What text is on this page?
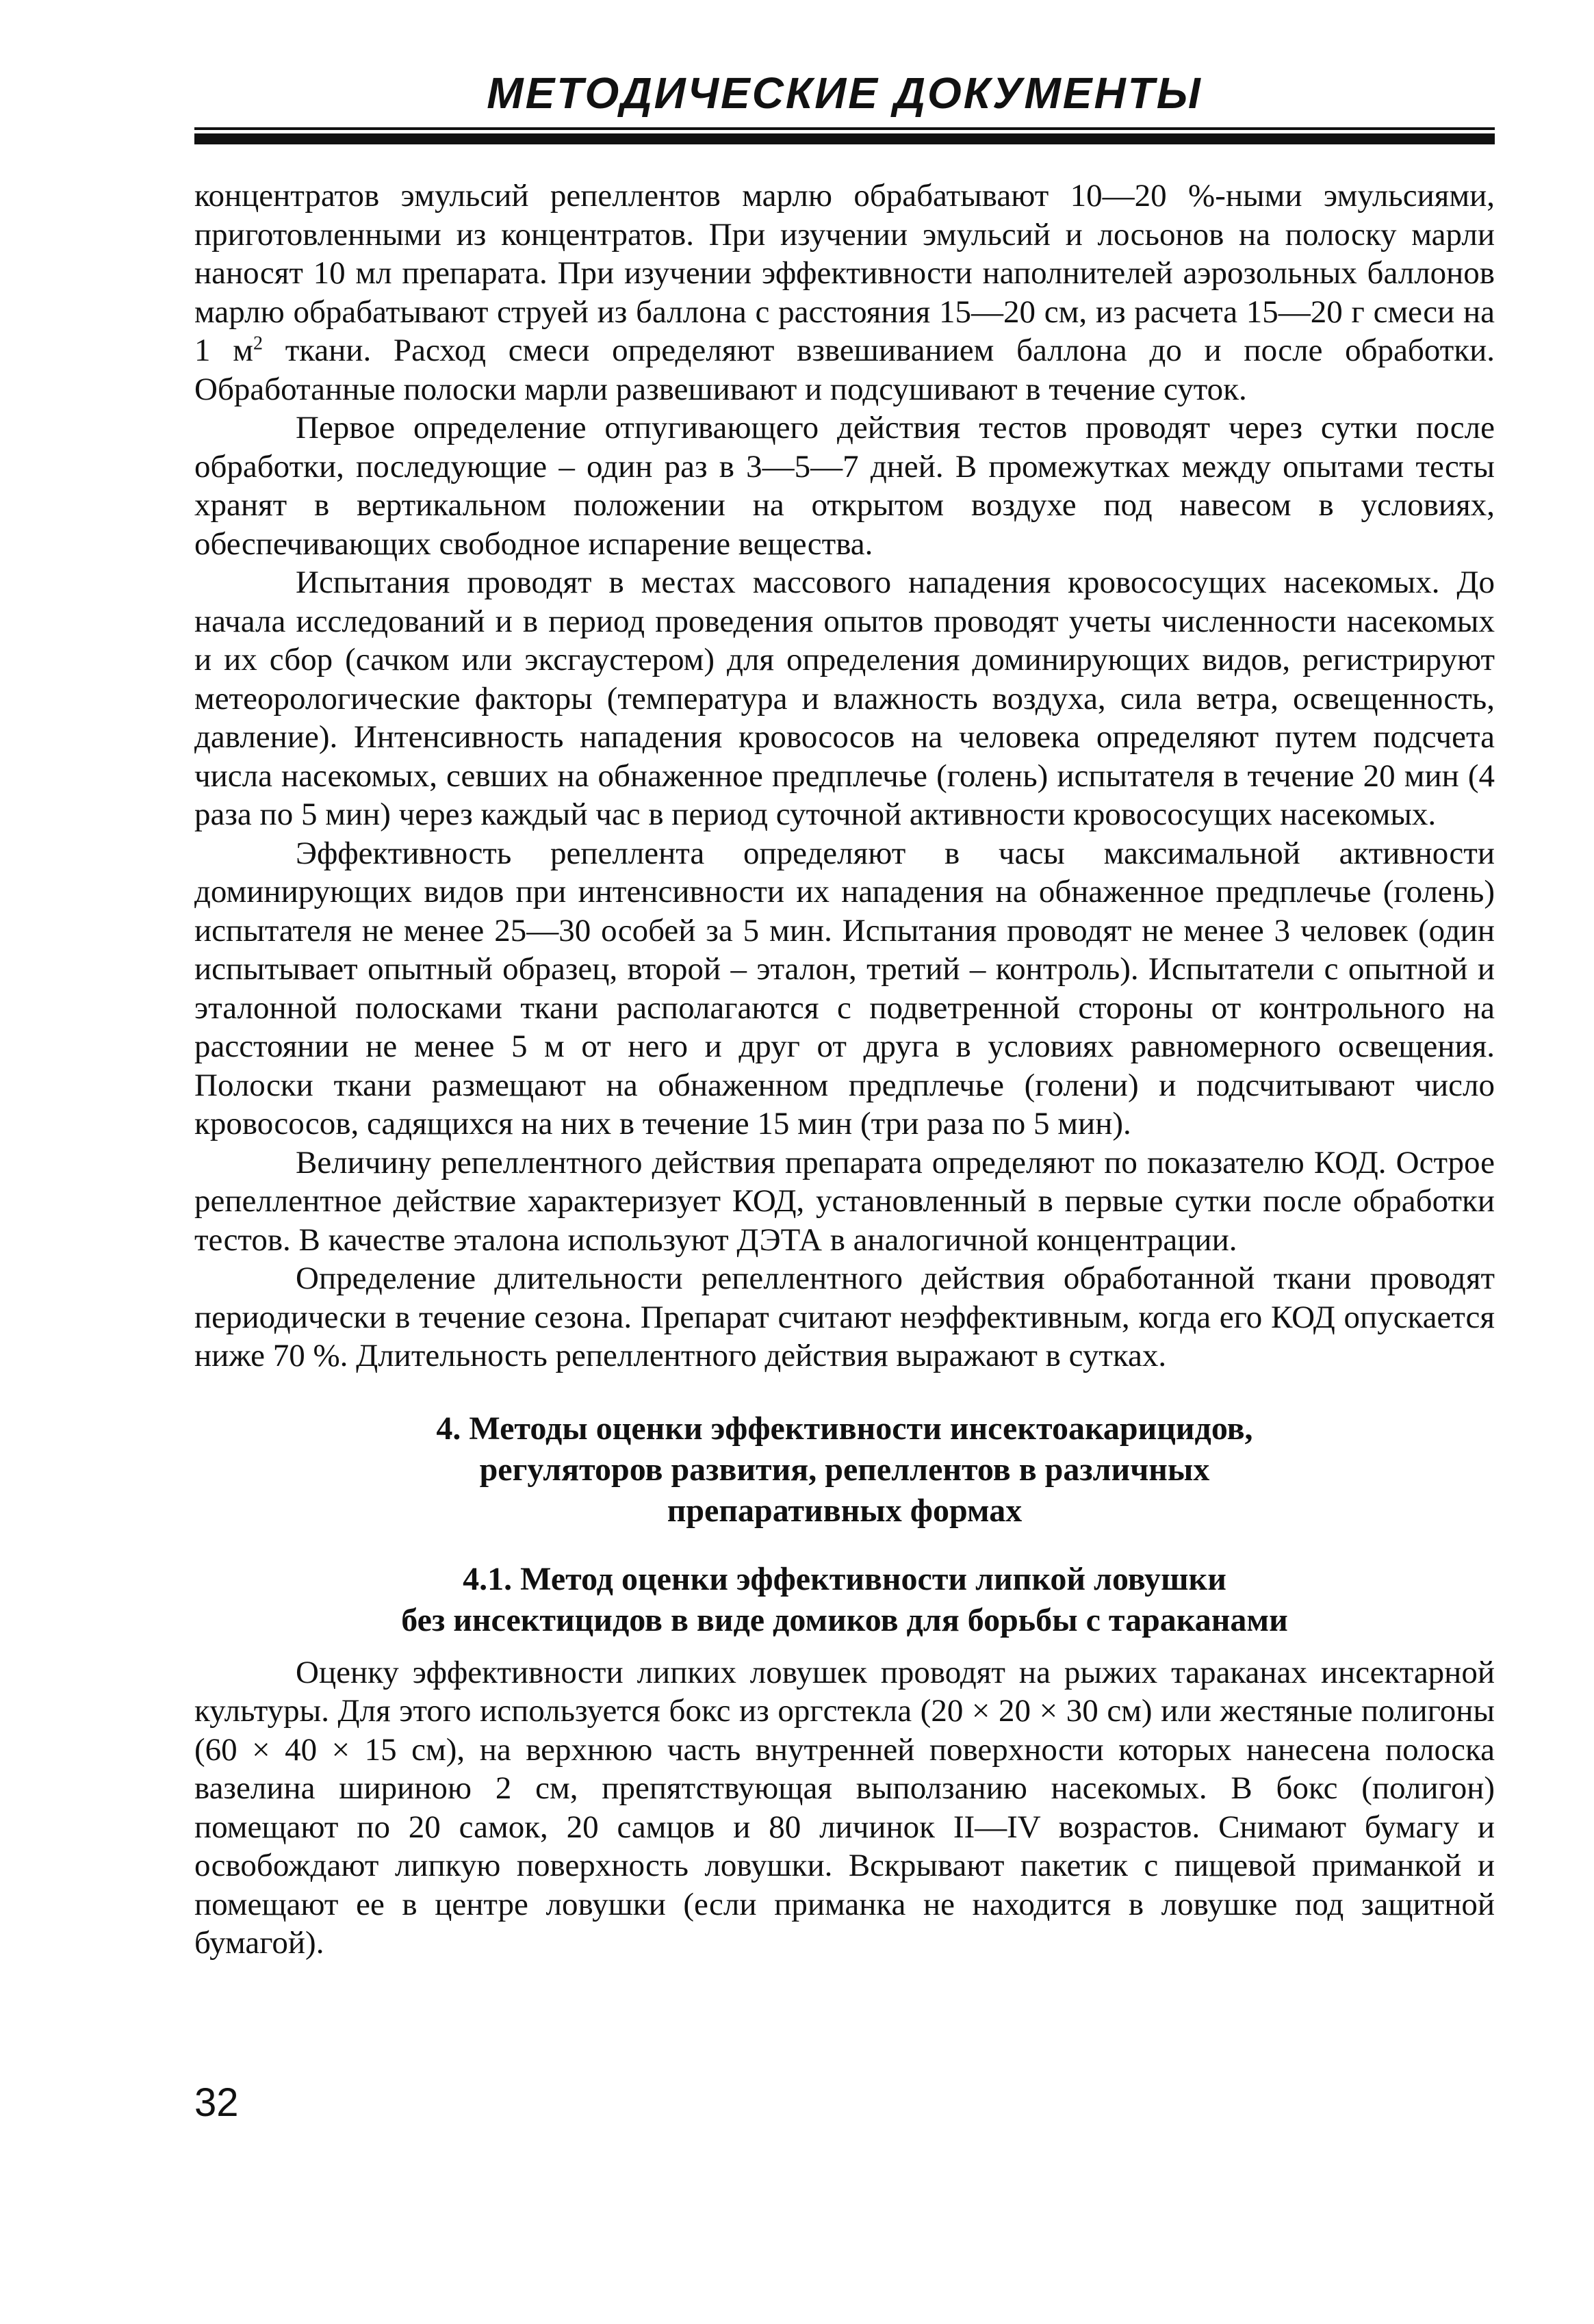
МЕТОДИЧЕСКИЕ ДОКУМЕНТЫ

концентратов эмульсий репеллентов марлю обрабатывают 10—20 %-ными эмульсиями, приготовленными из концентратов. При изучении эмульсий и лосьонов на полоску марли наносят 10 мл препарата. При изучении эффективности наполнителей аэрозольных баллонов марлю обрабатывают струей из баллона с расстояния 15—20 см, из расчета 15—20 г смеси на 1 $м^2$ ткани. Расход смеси определяют взвешиванием баллона до и после обработки. Обработанные полоски марли развешивают и подсушивают в течение суток.

Первое определение отпугивающего действия тестов проводят через сутки после обработки, последующие – один раз в 3—5—7 дней. В промежутках между опытами тесты хранят в вертикальном положении на открытом воздухе под навесом в условиях, обеспечивающих свободное испарение вещества.

Испытания проводят в местах массового нападения кровососущих насекомых. До начала исследований и в период проведения опытов проводят учеты численности насекомых и их сбор (сачком или эксгаустером) для определения доминирующих видов, регистрируют метеорологические факторы (температура и влажность воздуха, сила ветра, освещенность, давление). Интенсивность нападения кровососов на человека определяют путем подсчета числа насекомых, севших на обнаженное предплечье (голень) испытателя в течение 20 мин (4 раза по 5 мин) через каждый час в период суточной активности кровососущих насекомых.

Эффективность репеллента определяют в часы максимальной активности доминирующих видов при интенсивности их нападения на обнаженное предплечье (голень) испытателя не менее 25—30 особей за 5 мин. Испытания проводят не менее 3 человек (один испытывает опытный образец, второй – эталон, третий – контроль). Испытатели с опытной и эталонной полосками ткани располагаются с подветренной стороны от контрольного на расстоянии не менее 5 м от него и друг от друга в условиях равномерного освещения. Полоски ткани размещают на обнаженном предплечье (голени) и подсчитывают число кровососов, садящихся на них в течение 15 мин (три раза по 5 мин).

Величину репеллентного действия препарата определяют по показателю КОД. Острое репеллентное действие характеризует КОД, установленный в первые сутки после обработки тестов. В качестве эталона используют ДЭТА в аналогичной концентрации.

Определение длительности репеллентного действия обработанной ткани проводят периодически в течение сезона. Препарат считают неэффективным, когда его КОД опускается ниже 70 %. Длительность репеллентного действия выражают в сутках.

4. Методы оценки эффективности инсектоакарицидов,
регуляторов развития, репеллентов в различных
препаративных формах
4.1. Метод оценки эффективности липкой ловушки
без инсектицидов в виде домиков для борьбы с тараканами

Оценку эффективности липких ловушек проводят на рыжих тараканах инсектарной культуры. Для этого используется бокс из оргстекла (20 × 20 × 30 см) или жестяные полигоны (60 × 40 × 15 см), на верхнюю часть внутренней поверхности которых нанесена полоска вазелина шириною 2 см, препятствующая выползанию насекомых. В бокс (полигон) помещают по 20 самок, 20 самцов и 80 личинок II—IV возрастов. Снимают бумагу и освобождают липкую поверхность ловушки. Вскрывают пакетик с пищевой приманкой и помещают ее в центре ловушки (если приманка не находится в ловушке под защитной бумагой).

32
